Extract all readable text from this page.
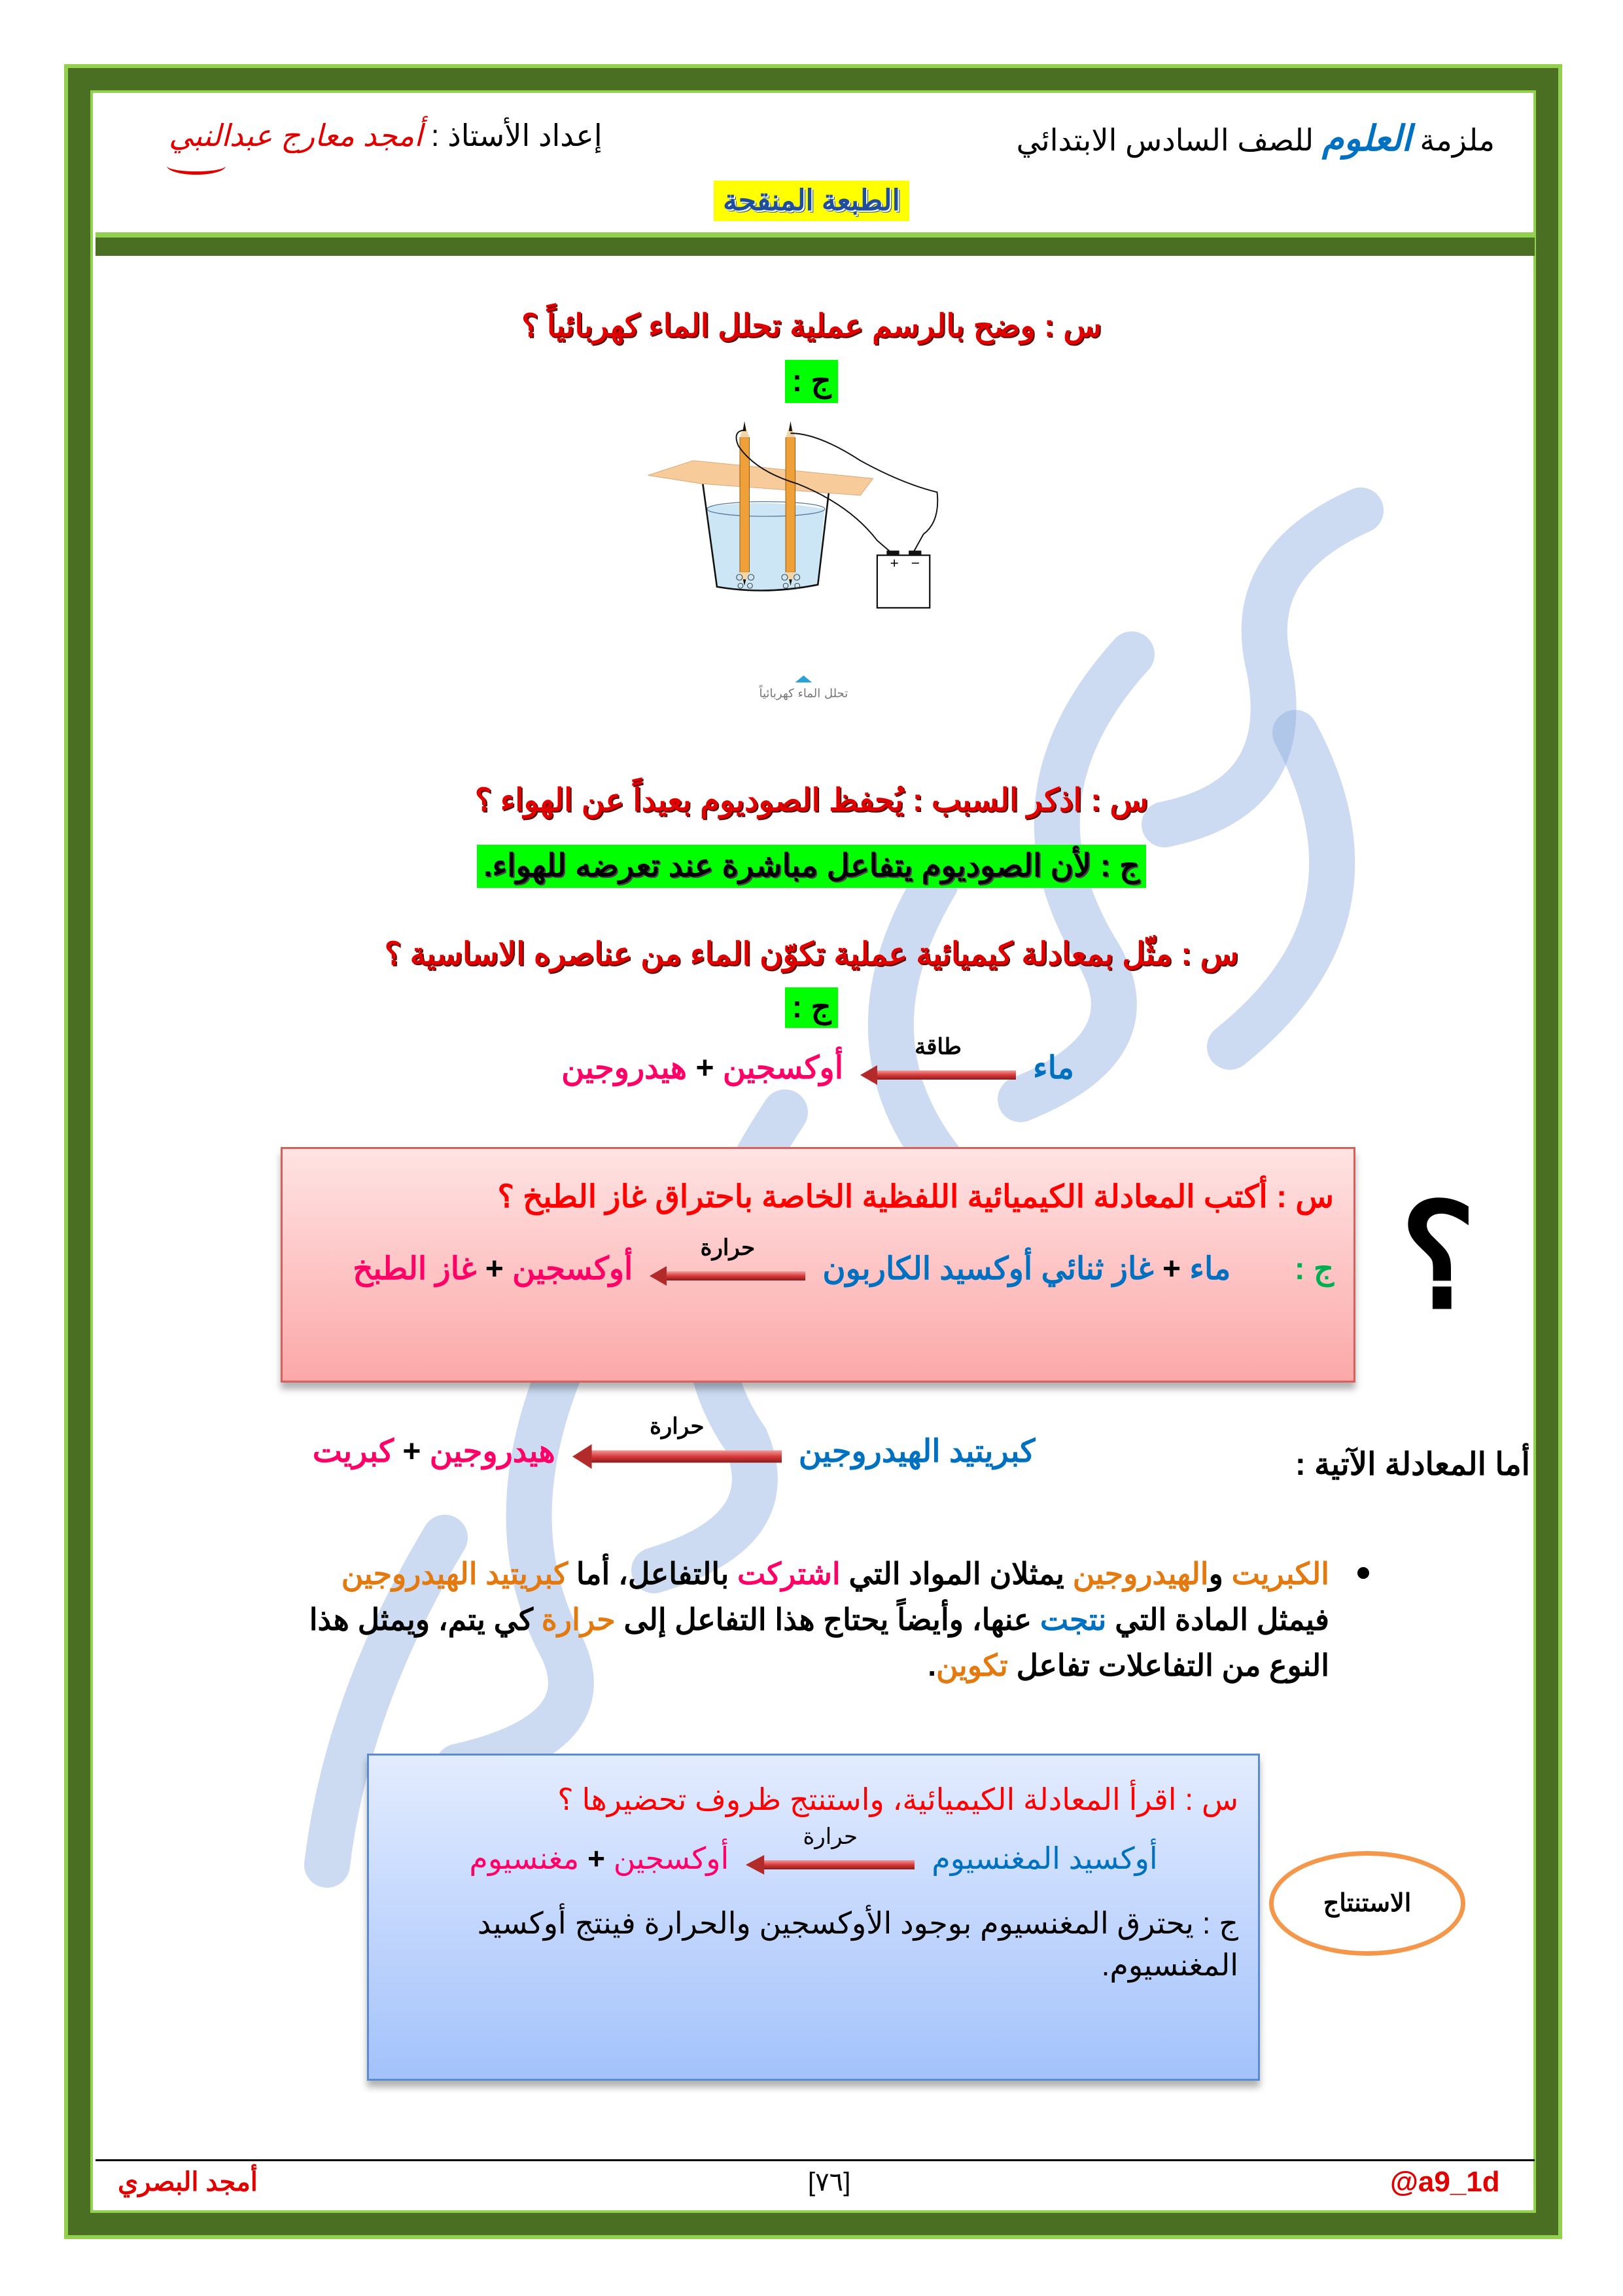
ملزمة العلوم للصف السادس الابتدائي
إعداد الأستاذ : أمجد معارج عبدالنبي
الطبعة المنقحة
س : وضح بالرسم عملية تحلل الماء كهربائياً ؟
ج :
+ −
تحلل الماء كهربائياً
س : اذكر السبب : يُحفظ الصوديوم بعيداً عن الهواء ؟
ج : لأن الصوديوم يتفاعل مباشرة عند تعرضه للهواء.
س : مثّل بمعادلة كيميائية عملية تكوّن الماء من عناصره الاساسية ؟
ج :
ماء
طاقة
أوكسجين + هيدروجين
س : أكتب المعادلة الكيميائية اللفظية الخاصة باحتراق غاز الطبخ ؟
ج :
ماء + غاز ثنائي أوكسيد الكاربون
حرارة
أوكسجين + غاز الطبخ	؟
أما المعادلة الآتية :
كبريتيد الهيدروجين
حرارة
هيدروجين + كبريت
الكبريت والهيدروجين يمثلان المواد التي اشتركت بالتفاعل، أما كبريتيد الهيدروجين فيمثل المادة التي نتجت عنها، وأيضاً يحتاج هذا التفاعل إلى حرارة كي يتم، ويمثل هذا النوع من التفاعلات تفاعل تكوين.
س : اقرأ المعادلة الكيميائية، واستنتج ظروف تحضيرها ؟
أوكسيد المغنسيوم
حرارة
أوكسجين + مغنسيوم
ج : يحترق المغنسيوم بوجود الأوكسجين والحرارة فينتج أوكسيد المغنسيوم.
الاستنتاج
أمجد البصري	[٧٦]	@a9_1d
